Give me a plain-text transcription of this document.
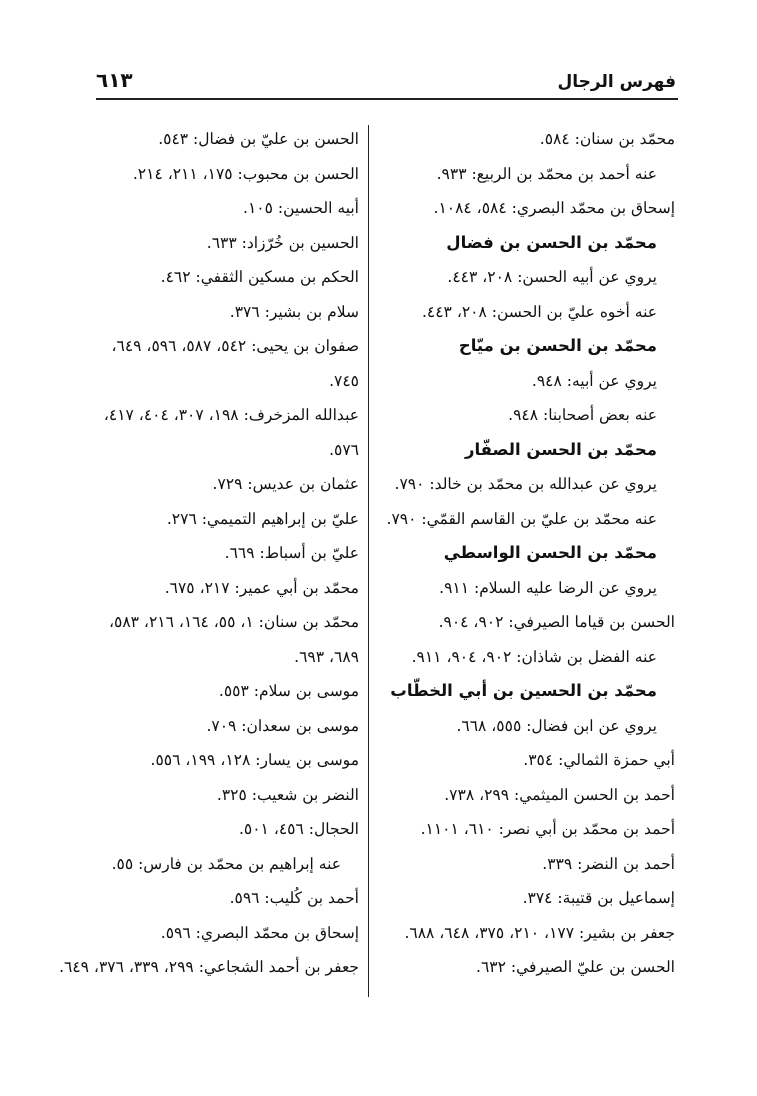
فهرس الرجال
٦١٣
محمّد بن سنان: ٥٨٤.
عنه أحمد بن محمّد بن الربيع: ٩٣٣.
إسحاق بن محمّد البصري: ٥٨٤، ١٠٨٤.
محمّد بن الحسن بن فضال
يروي عن أبيه الحسن: ٢٠٨، ٤٤٣.
عنه أخوه عليّ بن الحسن: ٢٠٨، ٤٤٣.
محمّد بن الحسن بن ميّاح
يروي عن أبيه: ٩٤٨.
عنه بعض أصحابنا: ٩٤٨.
محمّد بن الحسن الصفّار
يروي عن عبدالله بن محمّد بن خالد: ٧٩٠.
عنه محمّد بن عليّ بن القاسم القمّي: ٧٩٠.
محمّد بن الحسن الواسطي
يروي عن الرضا عليه السلام: ٩١١.
الحسن بن قياما الصيرفي: ٩٠٢، ٩٠٤.
عنه الفضل بن شاذان: ٩٠٢، ٩٠٤، ٩١١.
محمّد بن الحسين بن أبي الخطّاب
يروي عن ابن فضال: ٥٥٥، ٦٦٨.
أبي حمزة الثمالي: ٣٥٤.
أحمد بن الحسن الميثمي: ٢٩٩، ٧٣٨.
أحمد بن محمّد بن أبي نصر: ٦١٠، ١١٠١.
أحمد بن النضر: ٣٣٩.
إسماعيل بن قتيبة: ٣٧٤.
جعفر بن بشير: ١٧٧، ٢١٠، ٣٧٥، ٦٤٨، ٦٨٨.
الحسن بن عليّ الصيرفي: ٦٣٢.
الحسن بن عليّ بن فضال: ٥٤٣.
الحسن بن محبوب: ١٧٥، ٢١١، ٢١٤.
أبيه الحسين: ١٠٥.
الحسين بن خُرّزاد: ٦٣٣.
الحكم بن مسكين الثقفي: ٤٦٢.
سلام بن بشير: ٣٧٦.
صفوان بن يحيى: ٥٤٢، ٥٨٧، ٥٩٦، ٦٤٩،
٧٤٥.
عبدالله المزخرف: ١٩٨، ٣٠٧، ٤٠٤، ٤١٧،
٥٧٦.
عثمان بن عديس: ٧٢٩.
عليّ بن إبراهيم التميمي: ٢٧٦.
عليّ بن أسباط: ٦٦٩.
محمّد بن أبي عمير: ٢١٧، ٦٧٥.
محمّد بن سنان: ١، ٥٥، ١٦٤، ٢١٦، ٥٨٣،
٦٨٩، ٦٩٣.
موسى بن سلام: ٥٥٣.
موسى بن سعدان: ٧٠٩.
موسى بن يسار: ١٢٨، ١٩٩، ٥٥٦.
النضر بن شعيب: ٣٢٥.
الحجال: ٤٥٦، ٥٠١.
عنه إبراهيم بن محمّد بن فارس: ٥٥.
أحمد بن كُليب: ٥٩٦.
إسحاق بن محمّد البصري: ٥٩٦.
جعفر بن أحمد الشجاعي: ٢٩٩، ٣٣٩، ٣٧٦، ٦٤٩.
